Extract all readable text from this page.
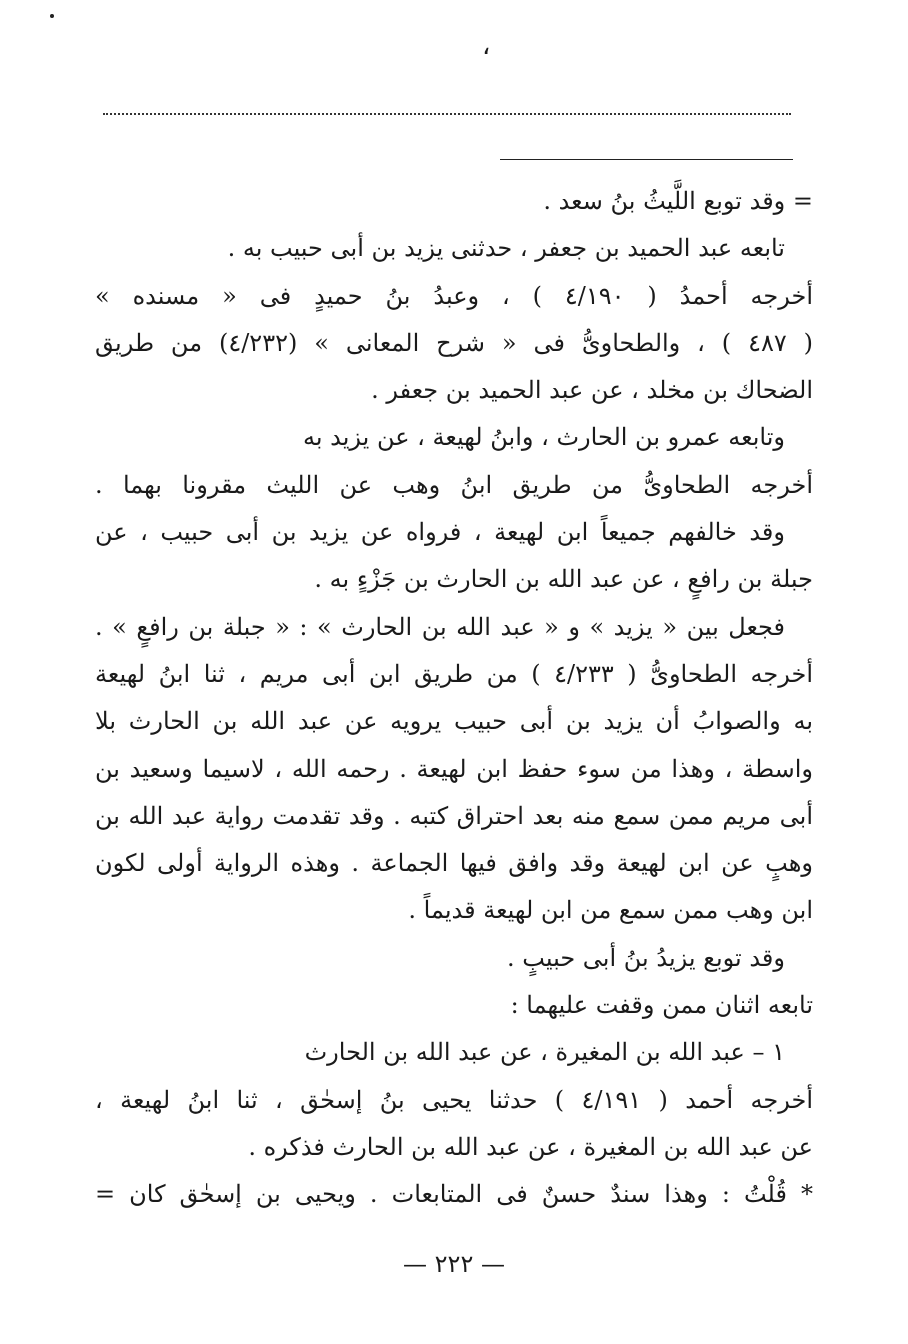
،
= وقد توبع اللَّيثُ بنُ سعد .
تابعه عبد الحميد بن جعفر ، حدثنى يزيد بن أبى حبيب به .
أخرجه أحمدُ ( ٤/١٩٠ ) ، وعبدُ بنُ حميدٍ فى « مسنده »
( ٤٨٧ ) ، والطحاوىُّ فى « شرح المعانى » (٤/٢٣٢) من طريق
الضحاك بن مخلد ، عن عبد الحميد بن جعفر .
وتابعه عمرو بن الحارث ، وابنُ لهيعة ، عن يزيد به
أخرجه الطحاوىُّ من طريق ابنُ وهب عن الليث مقرونا بهما .
وقد خالفهم جميعاً ابن لهيعة ، فرواه عن يزيد بن أبى حبيب ، عن
جبلة بن رافعٍ ، عن عبد الله بن الحارث بن جَزْءٍ به .
فجعل بين « يزيد » و « عبد الله بن الحارث » : « جبلة بن رافعٍ » .
أخرجه الطحاوىُّ ( ٤/٢٣٣ ) من طريق ابن أبى مريم ، ثنا ابنُ لهيعة
به والصوابُ أن يزيد بن أبى حبيب يرويه عن عبد الله بن الحارث بلا
واسطة ، وهذا من سوء حفظ ابن لهيعة . رحمه الله ، لاسيما وسعيد بن
أبى مريم ممن سمع منه بعد احتراق كتبه . وقد تقدمت رواية عبد الله بن
وهبٍ عن ابن لهيعة وقد وافق فيها الجماعة . وهذه الرواية أولى لكون
ابن وهب ممن سمع من ابن لهيعة قديماً .
وقد توبع يزيدُ بنُ أبى حبيبٍ .
تابعه اثنان ممن وقفت عليهما :
١ – عبد الله بن المغيرة ، عن عبد الله بن الحارث
أخرجه أحمد ( ٤/١٩١ ) حدثنا يحيى بنُ إسحٰق ، ثنا ابنُ لهيعة ،
عن عبد الله بن المغيرة ، عن عبد الله بن الحارث فذكره .
* قُلْتُ : وهذا سندٌ حسنٌ فى المتابعات . ويحيى بن إسحٰق كان =
— ٢٢٢ —
